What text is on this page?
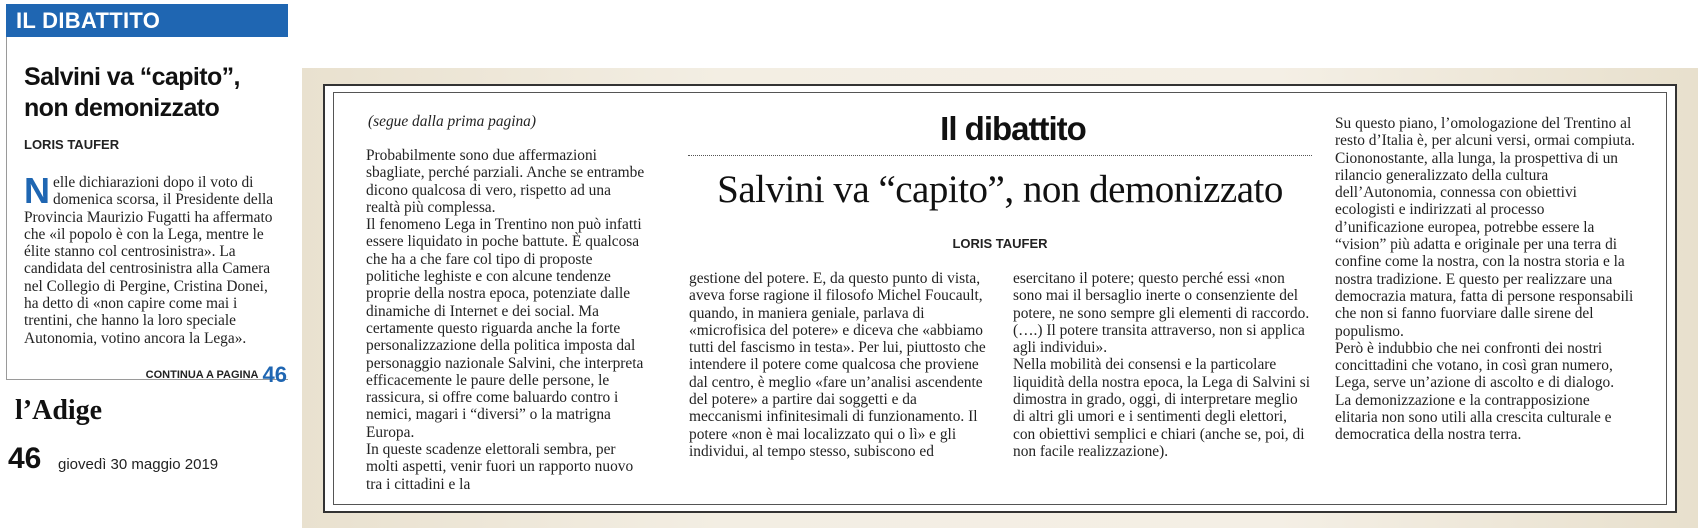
IL DIBATTITO
Salvini va “capito”, non demonizzato
LORIS TAUFER
Nelle dichiarazioni dopo il voto di domenica scorsa, il Presidente della Provincia Maurizio Fugatti ha affermato che «il popolo è con la Lega, mentre le élite stanno col centrosinistra». La candidata del centrosinistra alla Camera nel Collegio di Pergine, Cristina Donei, ha detto di «non capire come mai i trentini, che hanno la loro speciale Autonomia, votino ancora la Lega».
CONTINUA A PAGINA 46
l’Adige
46 giovedì 30 maggio 2019
(segue dalla prima pagina)	Il dibattito
Salvini va “capito”, non demonizzato
LORIS TAUFER

Probabilmente sono due affermazioni sbagliate, perché parziali. Anche se entrambe dicono qualcosa di vero, rispetto ad una realtà più complessa.

Il fenomeno Lega in Trentino non può infatti essere liquidato in poche battute. È qualcosa che ha a che fare col tipo di proposte politiche leghiste e con alcune tendenze proprie della nostra epoca, potenziate dalle dinamiche di Internet e dei social. Ma certamente questo riguarda anche la forte personalizzazione della politica imposta dal personaggio nazionale Salvini, che interpreta efficacemente le paure delle persone, le rassicura, si offre come baluardo contro i nemici, magari i “diversi” o la matrigna Europa.

In queste scadenze elettorali sembra, per molti aspetti, venir fuori un rapporto nuovo tra i cittadini e la

gestione del potere. E, da questo punto di vista, aveva forse ragione il filosofo Michel Foucault, quando, in maniera geniale, parlava di «microfisica del potere» e diceva che «abbiamo tutti del fascismo in testa». Per lui, piuttosto che intendere il potere come qualcosa che proviene dal centro, è meglio «fare un’analisi ascendente del potere» a partire dai soggetti e da meccanismi infinitesimali di funzionamento. Il potere «non è mai localizzato qui o lì» e gli individui, al tempo stesso, subiscono ed

esercitano il potere; questo perché essi «non sono mai il bersaglio inerte o consenziente del potere, ne sono sempre gli elementi di raccordo. (….) Il potere transita attraverso, non si applica agli individui».

Nella mobilità dei consensi e la particolare liquidità della nostra epoca, la Lega di Salvini si dimostra in grado, oggi, di interpretare meglio di altri gli umori e i sentimenti degli elettori, con obiettivi semplici e chiari (anche se, poi, di non facile realizzazione).

Su questo piano, l’omologazione del Trentino al resto d’Italia è, per alcuni versi, ormai compiuta.

Ciononostante, alla lunga, la prospettiva di un rilancio generalizzato della cultura dell’Autonomia, connessa con obiettivi ecologisti e indirizzati al processo d’unificazione europea, potrebbe essere la “vision” più adatta e originale per una terra di confine come la nostra, con la nostra storia e la nostra tradizione. E questo per realizzare una democrazia matura, fatta di persone responsabili che non si fanno fuorviare dalle sirene del populismo.

Però è indubbio che nei confronti dei nostri concittadini che votano, in così gran numero, Lega, serve un’azione di ascolto e di dialogo.

La demonizzazione e la contrapposizione elitaria non sono utili alla crescita culturale e democratica della nostra terra.
